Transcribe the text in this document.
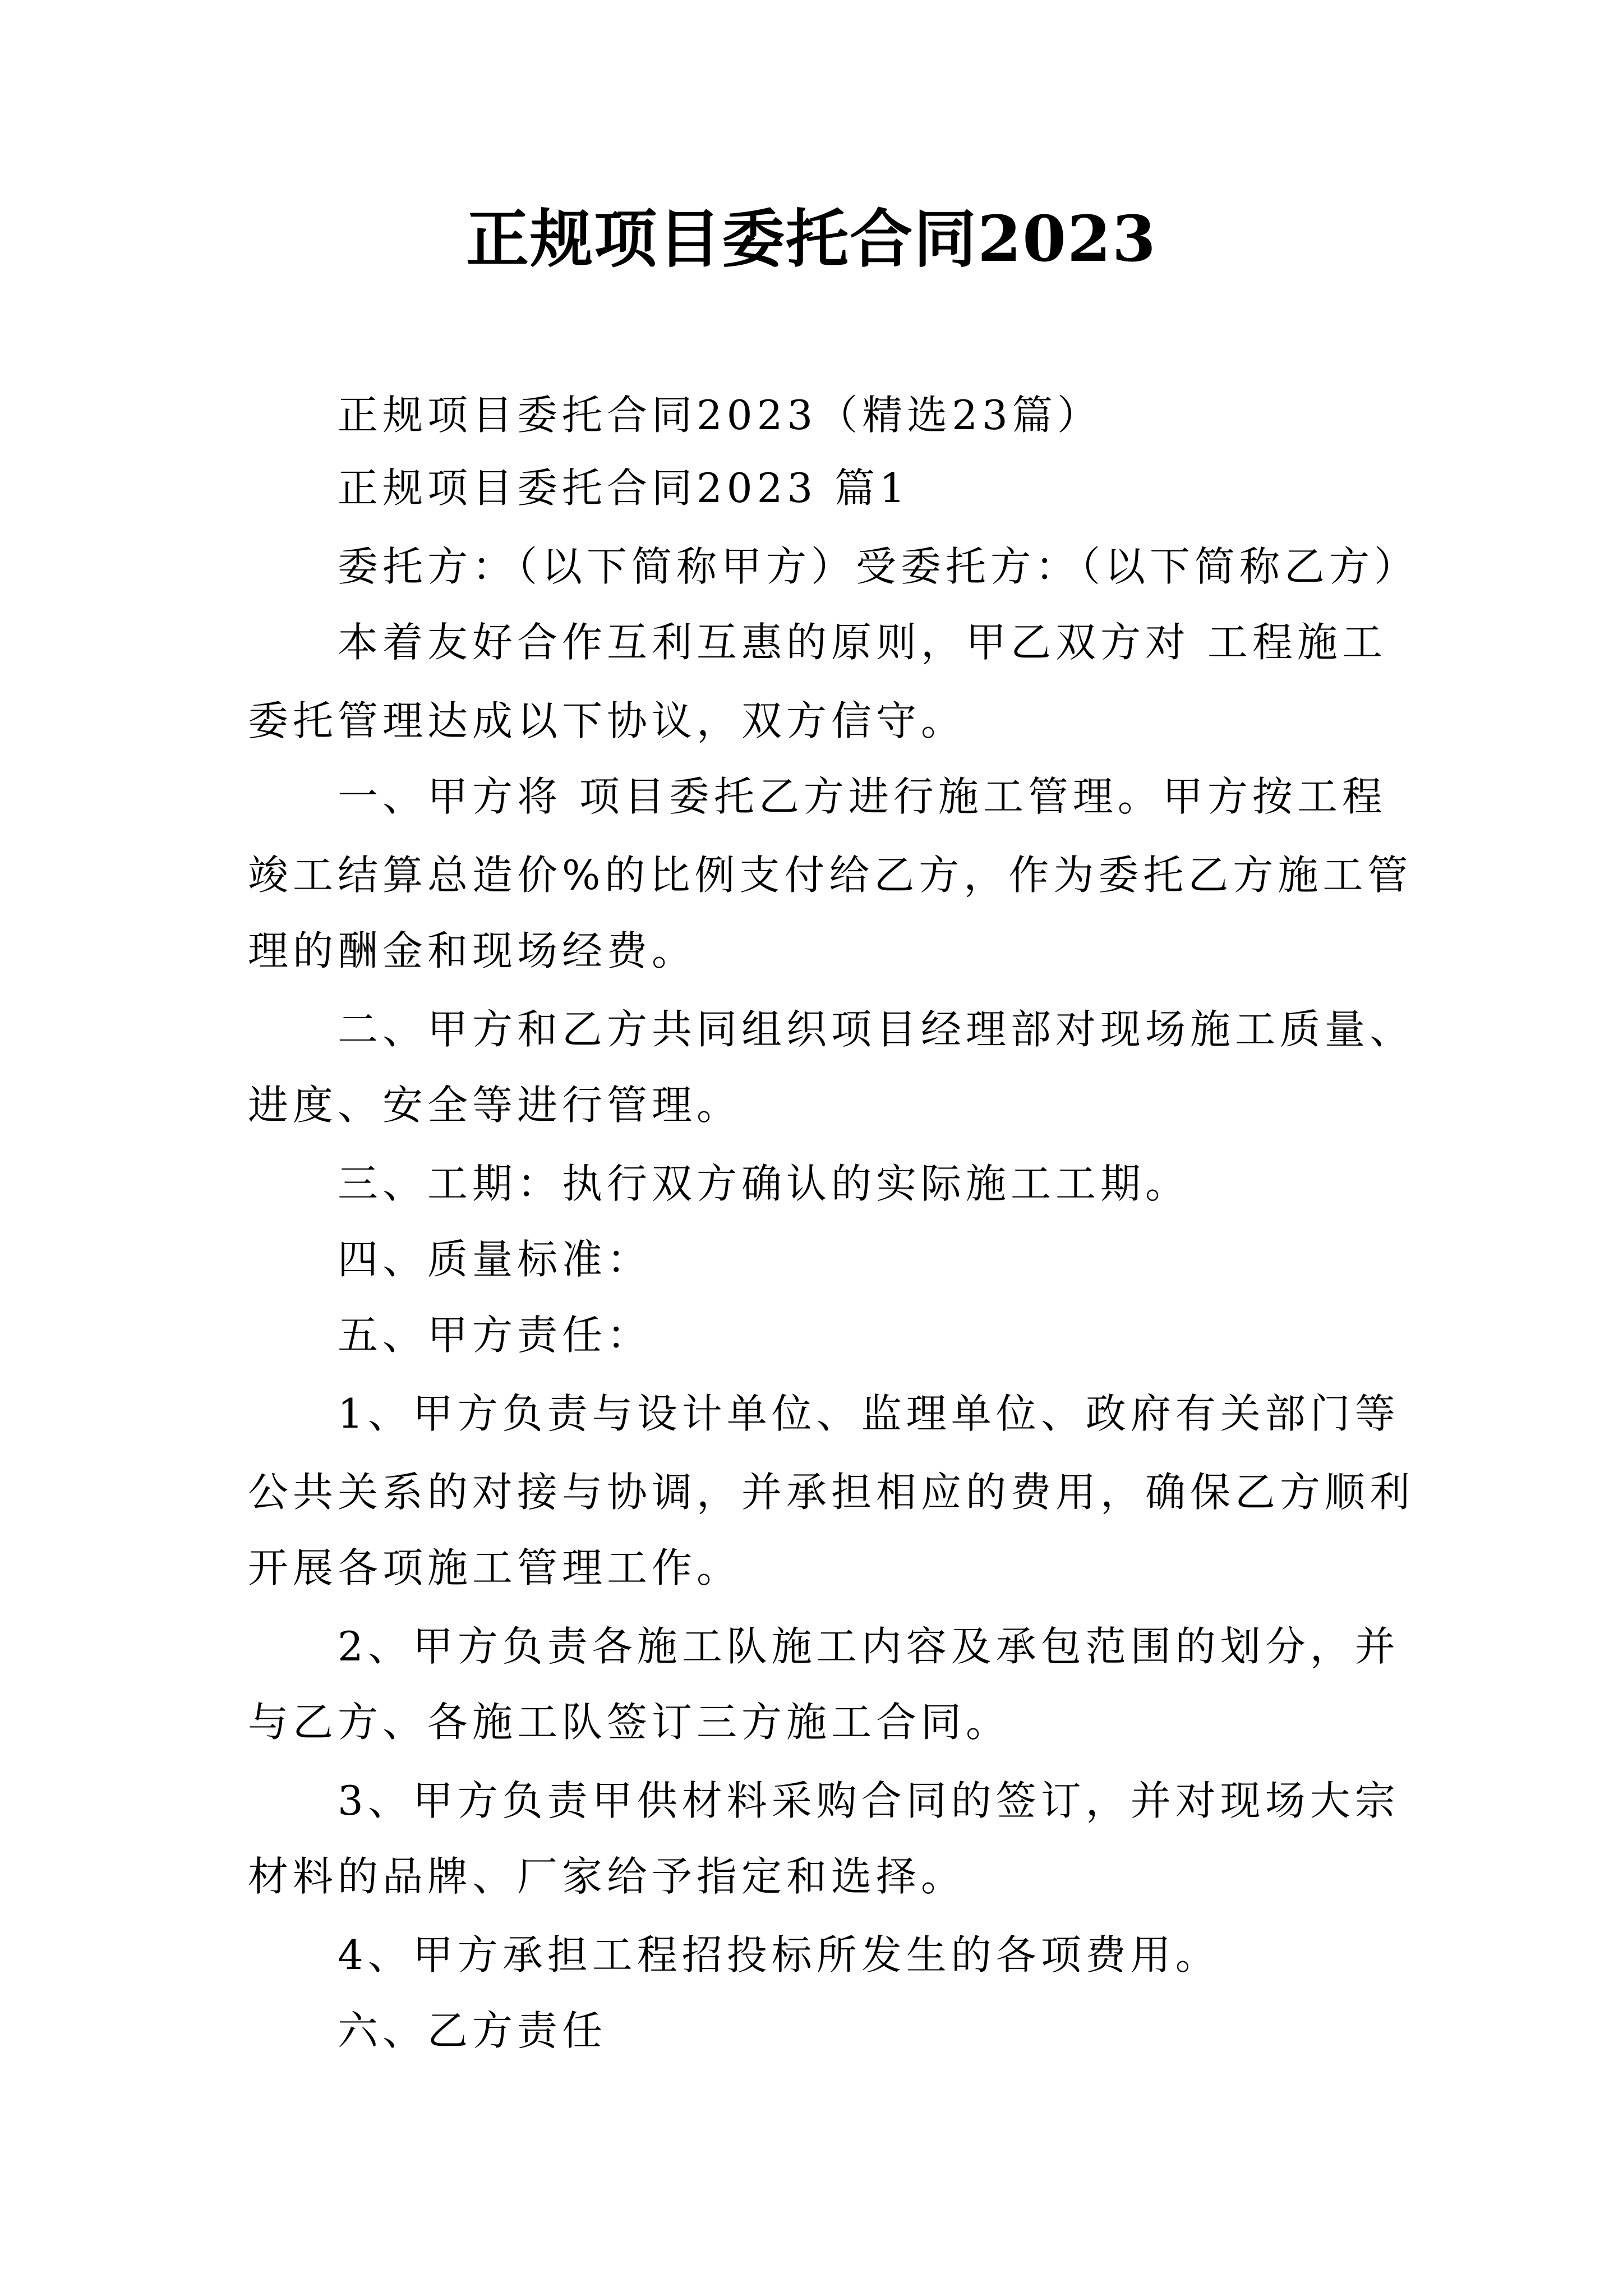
正规项目委托合同2023
正规项目委托合同2023（精选23篇）
正规项目委托合同2023 篇1
委托方：（以下简称甲方）受委托方：（以下简称乙方）
本着友好合作互利互惠的原则，甲乙双方对 工程施工
委托管理达成以下协议，双方信守。
一、甲方将 项目委托乙方进行施工管理。甲方按工程
竣工结算总造价%的比例支付给乙方，作为委托乙方施工管
理的酬金和现场经费。
二、甲方和乙方共同组织项目经理部对现场施工质量、
进度、安全等进行管理。
三、工期：执行双方确认的实际施工工期。
四、质量标准：
五、甲方责任：
1、甲方负责与设计单位、监理单位、政府有关部门等
公共关系的对接与协调，并承担相应的费用，确保乙方顺利
开展各项施工管理工作。
2、甲方负责各施工队施工内容及承包范围的划分，并
与乙方、各施工队签订三方施工合同。
3、甲方负责甲供材料采购合同的签订，并对现场大宗
材料的品牌、厂家给予指定和选择。
4、甲方承担工程招投标所发生的各项费用。
六、乙方责任
